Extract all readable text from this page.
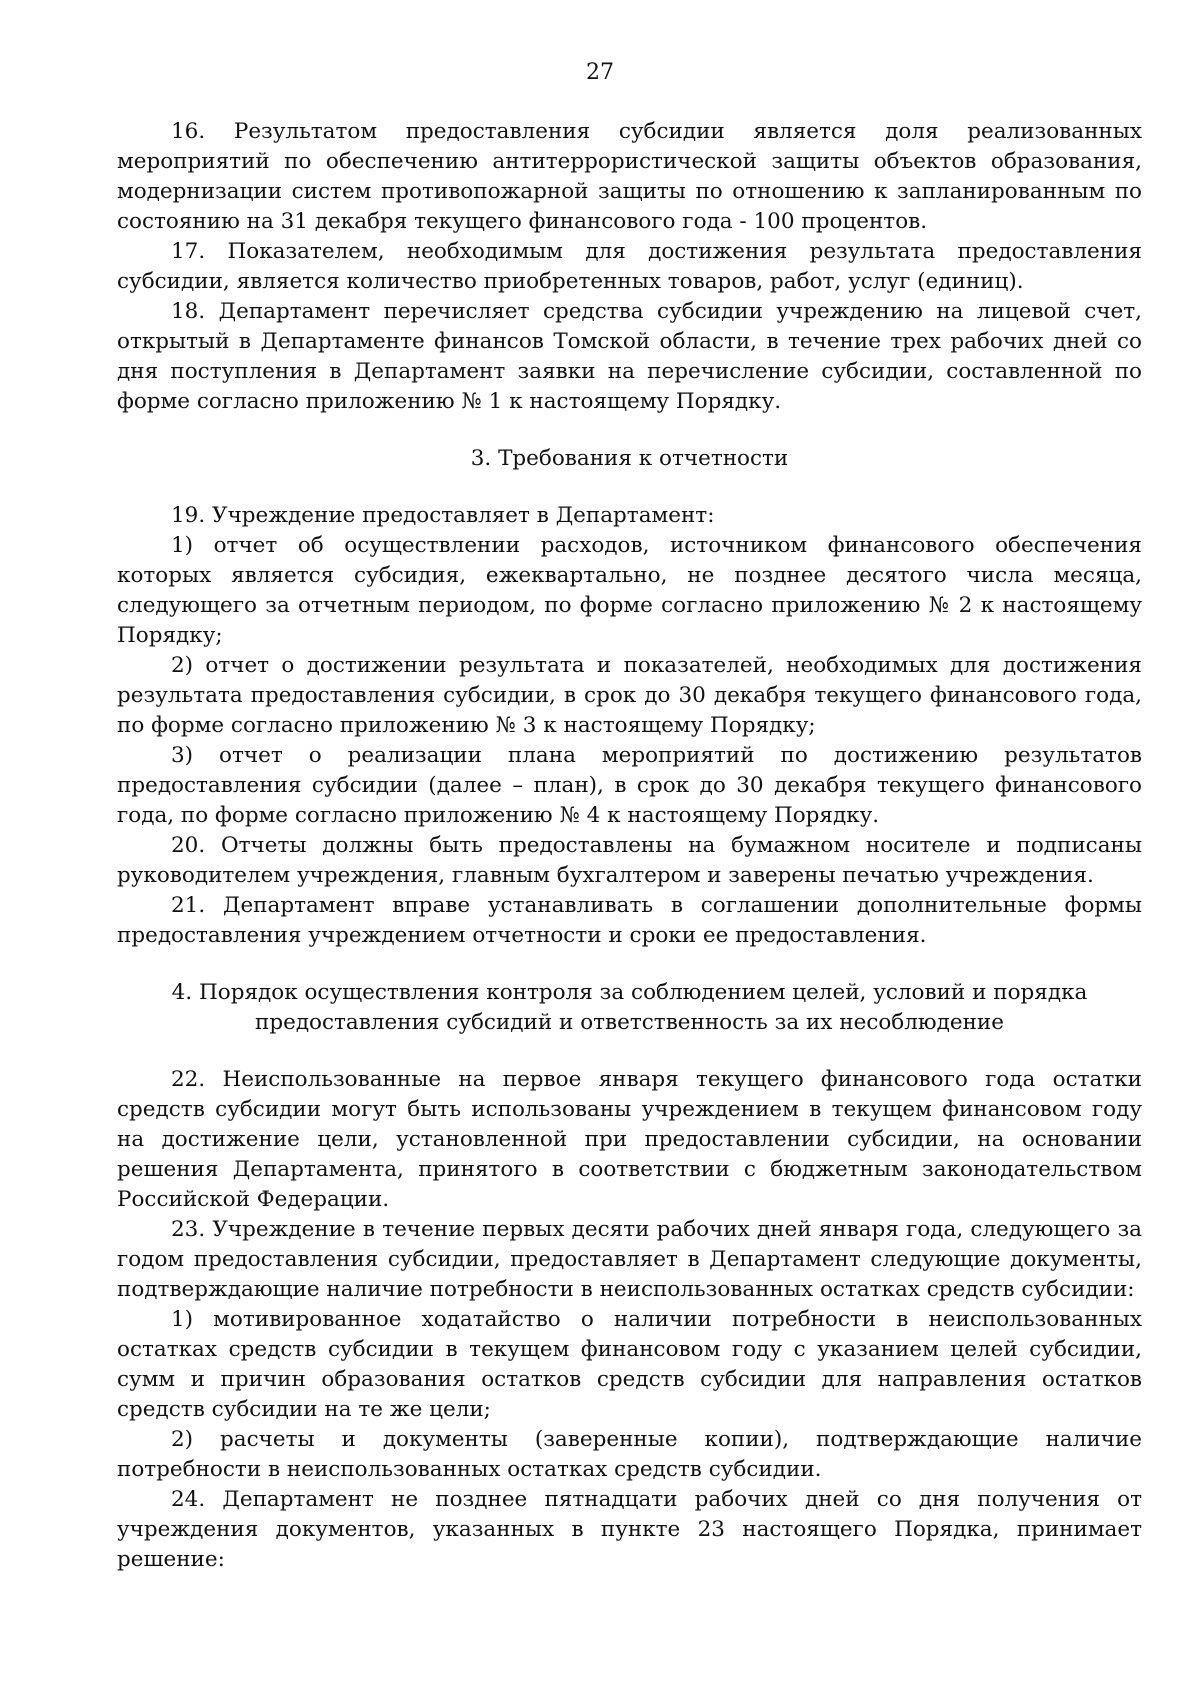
27

16. Результатом предоставления субсидии является доля реализованных мероприятий по обеспечению антитеррористической защиты объектов образования, модернизации систем противопожарной защиты по отношению к запланированным по состоянию на 31 декабря текущего финансового года - 100 процентов.

17. Показателем, необходимым для достижения результата предоставления субсидии, является количество приобретенных товаров, работ, услуг (единиц).

18. Департамент перечисляет средства субсидии учреждению на лицевой счет, открытый в Департаменте финансов Томской области, в течение трех рабочих дней со дня поступления в Департамент заявки на перечисление субсидии, составленной по форме согласно приложению № 1 к настоящему Порядку.

3. Требования к отчетности

19. Учреждение предоставляет в Департамент:

1) отчет об осуществлении расходов, источником финансового обеспечения которых является субсидия, ежеквартально, не позднее десятого числа месяца, следующего за отчетным периодом, по форме согласно приложению № 2 к настоящему Порядку;

2) отчет о достижении результата и показателей, необходимых для достижения результата предоставления субсидии, в срок до 30 декабря текущего финансового года, по форме согласно приложению № 3 к настоящему Порядку;

3) отчет о реализации плана мероприятий по достижению результатов предоставления субсидии (далее – план), в срок до 30 декабря текущего финансового года, по форме согласно приложению № 4 к настоящему Порядку.

20. Отчеты должны быть предоставлены на бумажном носителе и подписаны руководителем учреждения, главным бухгалтером и заверены печатью учреждения.

21. Департамент вправе устанавливать в соглашении дополнительные формы предоставления учреждением отчетности и сроки ее предоставления.

4. Порядок осуществления контроля за соблюдением целей, условий и порядка предоставления субсидий и ответственность за их несоблюдение

22. Неиспользованные на первое января текущего финансового года остатки средств субсидии могут быть использованы учреждением в текущем финансовом году на достижение цели, установленной при предоставлении субсидии, на основании решения Департамента, принятого в соответствии с бюджетным законодательством Российской Федерации.

23. Учреждение в течение первых десяти рабочих дней января года, следующего за годом предоставления субсидии, предоставляет в Департамент следующие документы, подтверждающие наличие потребности в неиспользованных остатках средств субсидии:

1) мотивированное ходатайство о наличии потребности в неиспользованных остатках средств субсидии в текущем финансовом году с указанием целей субсидии, сумм и причин образования остатков средств субсидии для направления остатков средств субсидии на те же цели;

2) расчеты и документы (заверенные копии), подтверждающие наличие потребности в неиспользованных остатках средств субсидии.

24. Департамент не позднее пятнадцати рабочих дней со дня получения от учреждения документов, указанных в пункте 23 настоящего Порядка, принимает решение:
